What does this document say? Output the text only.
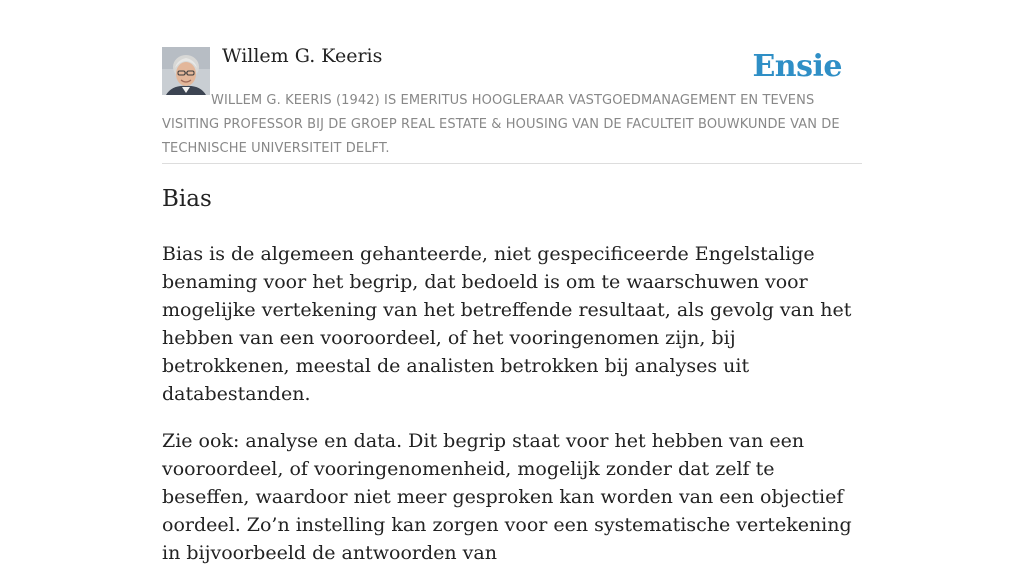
Willem G. Keeris	Ensie
WILLEM G. KEERIS (1942) IS EMERITUS HOOGLERAAR VASTGOEDMANAGEMENT EN TEVENS VISITING PROFESSOR BIJ DE GROEP REAL ESTATE & HOUSING VAN DE FACULTEIT BOUWKUNDE VAN DE TECHNISCHE UNIVERSITEIT DELFT.
Bias

Bias is de algemeen gehanteerde, niet gespecificeerde Engelstalige benaming voor het begrip, dat bedoeld is om te waarschuwen voor mogelijke vertekening van het betreffende resultaat, als gevolg van het hebben van een vooroordeel, of het vooringenomen zijn, bij betrokkenen, meestal de analisten betrokken bij analyses uit databestanden.

Zie ook: analyse en data. Dit begrip staat voor het hebben van een vooroordeel, of vooringenomenheid, mogelijk zonder dat zelf te beseffen, waardoor niet meer gesproken kan worden van een objectief oordeel. Zo’n instelling kan zorgen voor een systematische vertekening in bijvoorbeeld de antwoorden van
